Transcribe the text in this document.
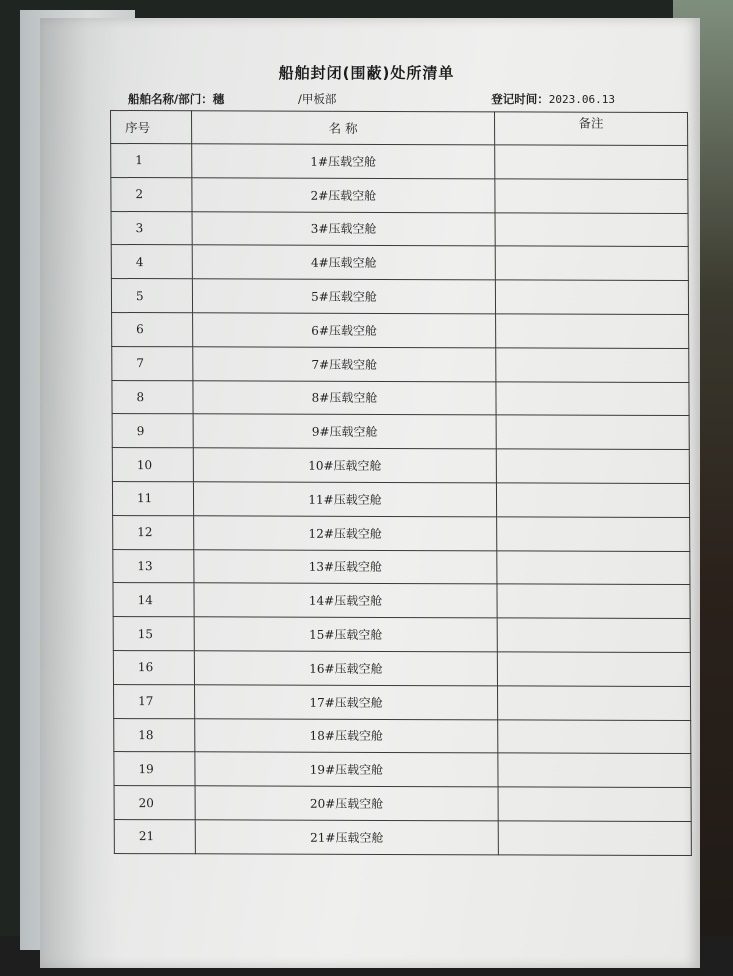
船舶封闭(围蔽)处所清单
船舶名称/部门：穗	/甲板部	登记时间：2023.06.13
序号	名 称	备注
1	1#压载空舱	
2	2#压载空舱	
3	3#压载空舱	
4	4#压载空舱	
5	5#压载空舱	
6	6#压载空舱	
7	7#压载空舱	
8	8#压载空舱	
9	9#压载空舱	
10	10#压载空舱	
11	11#压载空舱	
12	12#压载空舱	
13	13#压载空舱	
14	14#压载空舱	
15	15#压载空舱	
16	16#压载空舱	
17	17#压载空舱	
18	18#压载空舱	
19	19#压载空舱	
20	20#压载空舱	
21	21#压载空舱	
